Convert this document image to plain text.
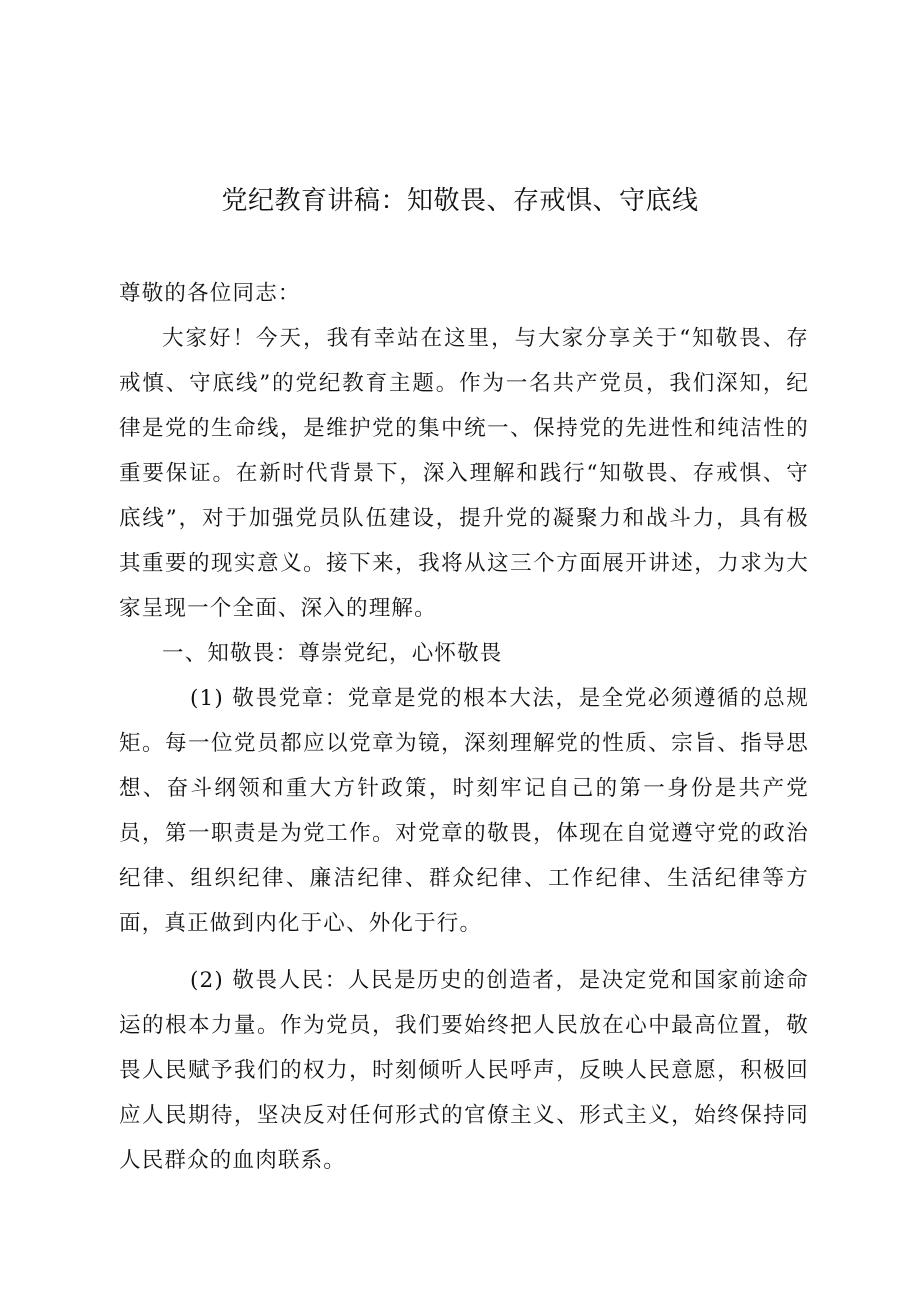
党纪教育讲稿：知敬畏、存戒惧、守底线

尊敬的各位同志：

大家好！今天，我有幸站在这里，与大家分享关于“知敬畏、存戒慎、守底线”的党纪教育主题。作为一名共产党员，我们深知，纪律是党的生命线，是维护党的集中统一、保持党的先进性和纯洁性的重要保证。在新时代背景下，深入理解和践行“知敬畏、存戒惧、守底线”，对于加强党员队伍建设，提升党的凝聚力和战斗力，具有极其重要的现实意义。接下来，我将从这三个方面展开讲述，力求为大家呈现一个全面、深入的理解。

一、知敬畏：尊崇党纪，心怀敬畏

(1) 敬畏党章：党章是党的根本大法，是全党必须遵循的总规矩。每一位党员都应以党章为镜，深刻理解党的性质、宗旨、指导思想、奋斗纲领和重大方针政策，时刻牢记自己的第一身份是共产党员，第一职责是为党工作。对党章的敬畏，体现在自觉遵守党的政治纪律、组织纪律、廉洁纪律、群众纪律、工作纪律、生活纪律等方面，真正做到内化于心、外化于行。

(2) 敬畏人民：人民是历史的创造者，是决定党和国家前途命运的根本力量。作为党员，我们要始终把人民放在心中最高位置，敬畏人民赋予我们的权力，时刻倾听人民呼声，反映人民意愿，积极回应人民期待，坚决反对任何形式的官僚主义、形式主义，始终保持同人民群众的血肉联系。
